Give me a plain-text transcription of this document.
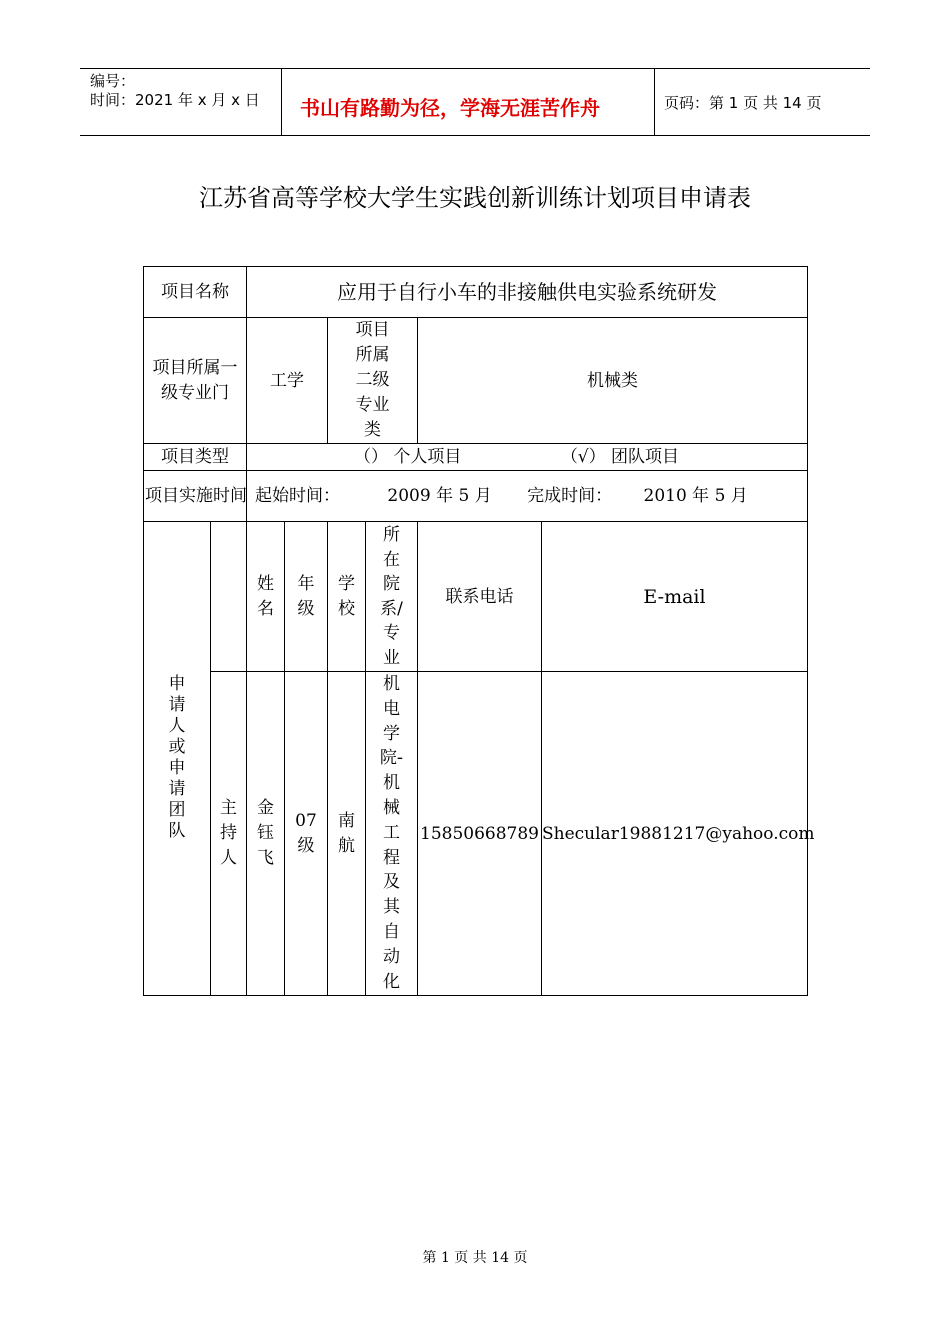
编号：
时间：2021 年 x 月 x 日 书山有路勤为径，学海无涯苦作舟	页码：第 1 页 共 14 页
江苏省高等学校大学生实践创新训练计划项目申请表
项目名称		应用于自行小车的非接触供电实验系统研发					
项目所属一级专业门		工学		项目所属二级专业类		机械类	
项目类型		（） 个人项目 （√） 团队项目					
项目实施时间		起始时间： 2009 年 5 月 完成时间： 2010 年 5 月					
申请人或申请团队		姓名	年级	学校	所在院系/专业	联系电话	E-mail
	主持人	金钰飞	07级	南航	机电学院-机械工程及其自动化	15850668789	Shecular19881217@yahoo.com
第 1 页 共 14 页
